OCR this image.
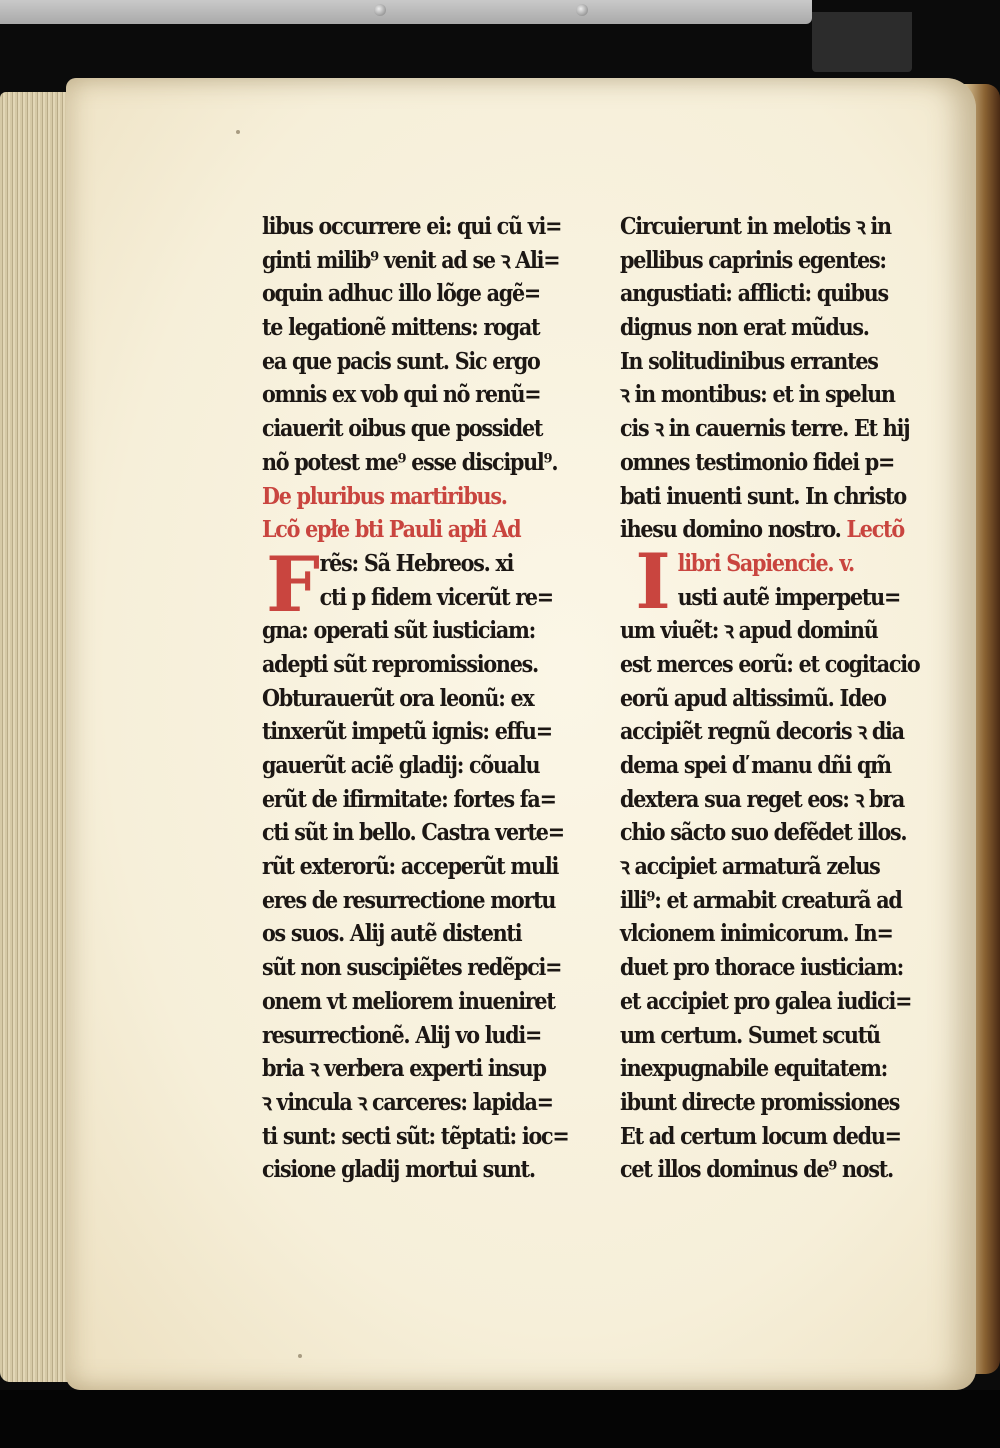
libus occurrere ei: qui cũ vi=
ginti milib⁹ venit ad se ꝛ Ali=
oquin adhuc illo lõge agẽ=
te legationẽ mittens: rogat
ea que pacis sunt. Sic ergo
omnis ex vob qui nõ renũ=
ciauerit oibus que possidet
nõ potest me⁹ esse discipul⁹.
De pluribus martiribus.
Lcõ epłe bti Pauli apłi Ad
F rẽs: Sã Hebreos. xi
cti p fidem vicerũt re=
gna: operati sũt iusticiam:
adepti sũt repromissiones.
Obturauerũt ora leonũ: ex
tinxerũt impetũ ignis: effu=
gauerũt aciẽ gladij: cõualu
erũt de ifirmitate: fortes fa=
cti sũt in bello. Castra verte=
rũt exterorũ: acceperũt muli
eres de resurrectione mortu
os suos. Alij autẽ distenti
sũt non suscipiẽtes redẽpci=
onem vt meliorem inueniret
resurrectionẽ. Alij vo ludi=
bria ꝛ verbera experti insup
ꝛ vincula ꝛ carceres: lapida=
ti sunt: secti sũt: tẽptati: ioc=
cisione gladij mortui sunt.
Circuierunt in melotis ꝛ in
pellibus caprinis egentes:
angustiati: afflicti: quibus
dignus non erat mũdus.
In solitudinibus errantes
ꝛ in montibus: et in spelun
cis ꝛ in cauernis terre. Et hij
omnes testimonio fidei p=
bati inuenti sunt. In christo
ihesu domino nostro. Lectõ
I libri Sapiencie. v.
usti autẽ imperpetu=
um viuẽt: ꝛ apud dominũ
est merces eorũ: et cogitacio
eorũ apud altissimũ. Ideo
accipiẽt regnũ decoris ꝛ dia
dema spei ď manu dñi qm̃
dextera sua reget eos: ꝛ bra
chio sãcto suo defẽdet illos.
ꝛ accipiet armaturã zelus
illi⁹: et armabit creaturã ad
vlcionem inimicorum. In=
duet pro thorace iusticiam:
et accipiet pro galea iudici=
um certum. Sumet scutũ
inexpugnabile equitatem:
ibunt directe promissiones
Et ad certum locum dedu=
cet illos dominus de⁹ nost.
